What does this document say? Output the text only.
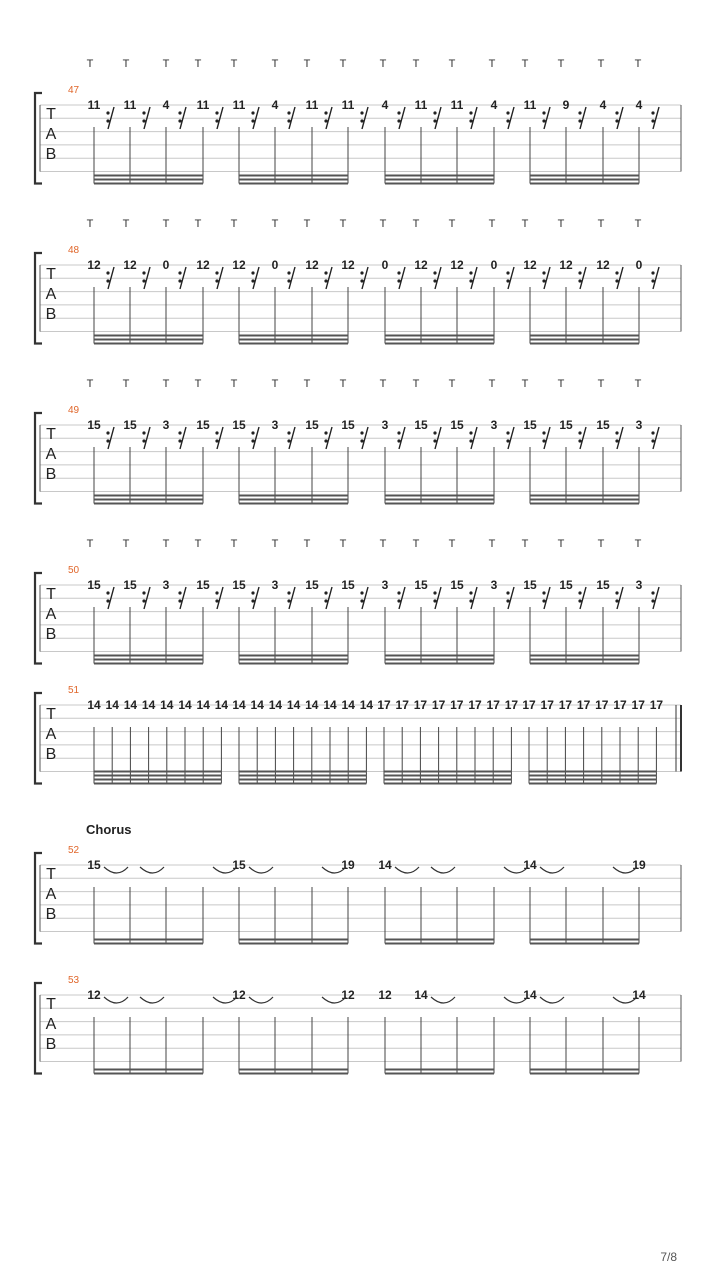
T	T	T T	T	T T	T	T T	T	T T	T	T	T
47
T
A
B
11 11 4 11 11 4 11 11 4 11 11 4 11 9	4 4
T	T	T T	T	T T	T	T T	T	T T	T	T	T
48
T
A
B
12 12 0 12 12 0 12 12 0 12 12 0 12 12 12 0
T	T	T T	T	T T	T	T T	T	T T	T	T	T
49
T
A
B
15 15 3 15 15 3 15 15 3 15 15 3 15 15 15 3
T	T	T T	T	T T	T	T T	T	T T	T	T	T
50
T
A
B
15 15 3 15 15 3 15 15 3 15 15 3 15 15 15 3
51
T
A
B
14 14 14 14 14 14 14 14 14 14 14 14 14 14 14 14 17 17 17 17 17 17 17 17 17 17 17 17 17 17 17 17
52
T
A
B
15	15	19 14	14	19
53
T
A
B
12	12	12 12 14	14	14
Chorus
7/8
